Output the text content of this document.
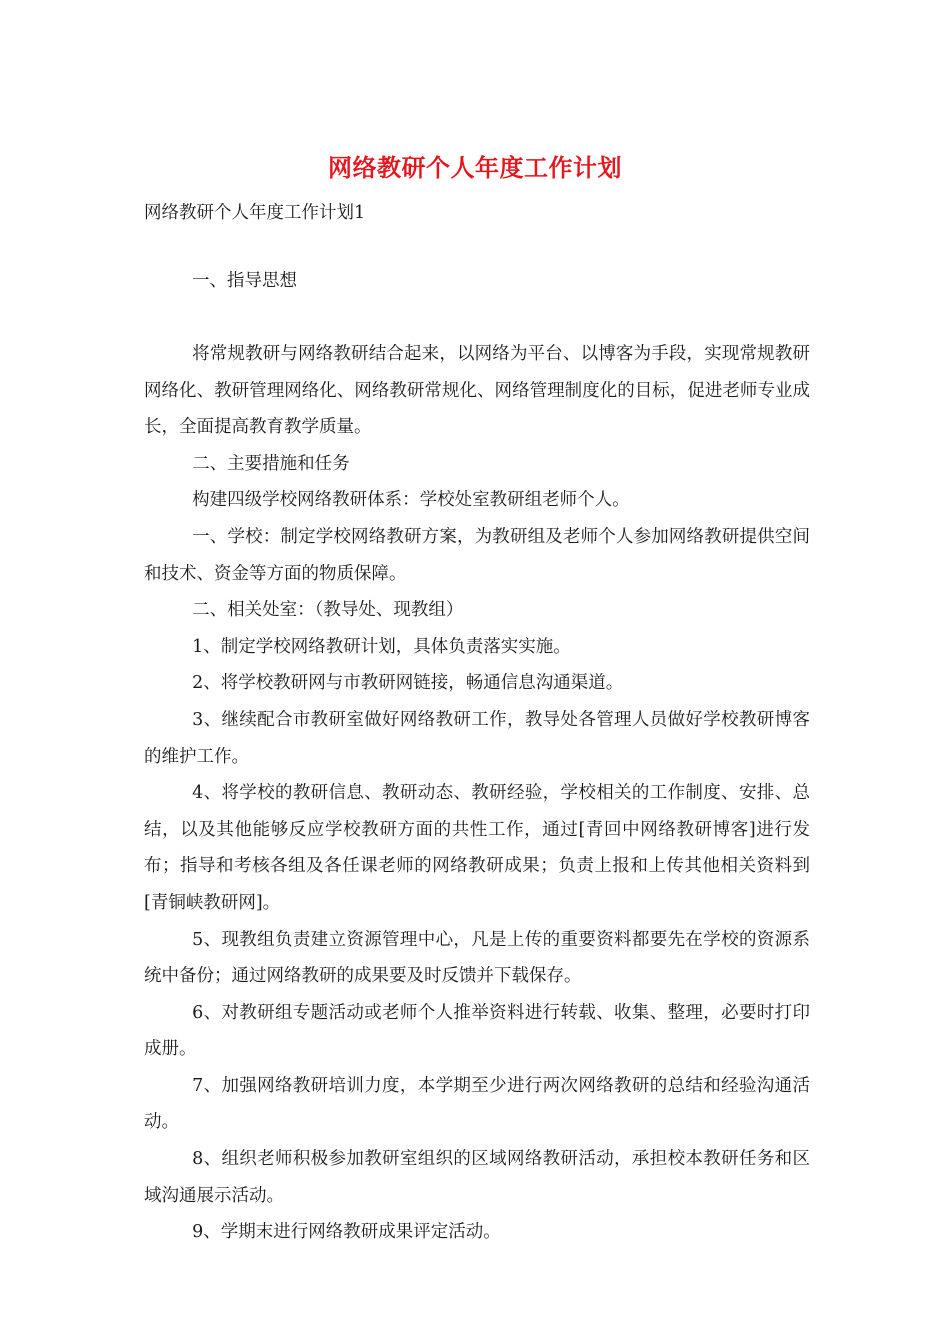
网络教研个人年度工作计划
网络教研个人年度工作计划1
一、指导思想

将常规教研与网络教研结合起来，以网络为平台、以博客为手段，实现常规教研网络化、教研管理网络化、网络教研常规化、网络管理制度化的目标，促进老师专业成长，全面提高教育教学质量。

二、主要措施和任务

构建四级学校网络教研体系：学校处室教研组老师个人。

一、学校：制定学校网络教研方案，为教研组及老师个人参加网络教研提供空间和技术、资金等方面的物质保障。

二、相关处室：（教导处、现教组）

1、制定学校网络教研计划，具体负责落实实施。

2、将学校教研网与市教研网链接，畅通信息沟通渠道。

3、继续配合市教研室做好网络教研工作，教导处各管理人员做好学校教研博客的维护工作。

4、将学校的教研信息、教研动态、教研经验，学校相关的工作制度、安排、总结，以及其他能够反应学校教研方面的共性工作，通过[青回中网络教研博客]进行发布；指导和考核各组及各任课老师的网络教研成果；负责上报和上传其他相关资料到[青铜峡教研网]。

5、现教组负责建立资源管理中心，凡是上传的重要资料都要先在学校的资源系统中备份；通过网络教研的成果要及时反馈并下载保存。

6、对教研组专题活动或老师个人推举资料进行转载、收集、整理，必要时打印成册。

7、加强网络教研培训力度，本学期至少进行两次网络教研的总结和经验沟通活动。

8、组织老师积极参加教研室组织的区域网络教研活动，承担校本教研任务和区域沟通展示活动。

9、学期末进行网络教研成果评定活动。
